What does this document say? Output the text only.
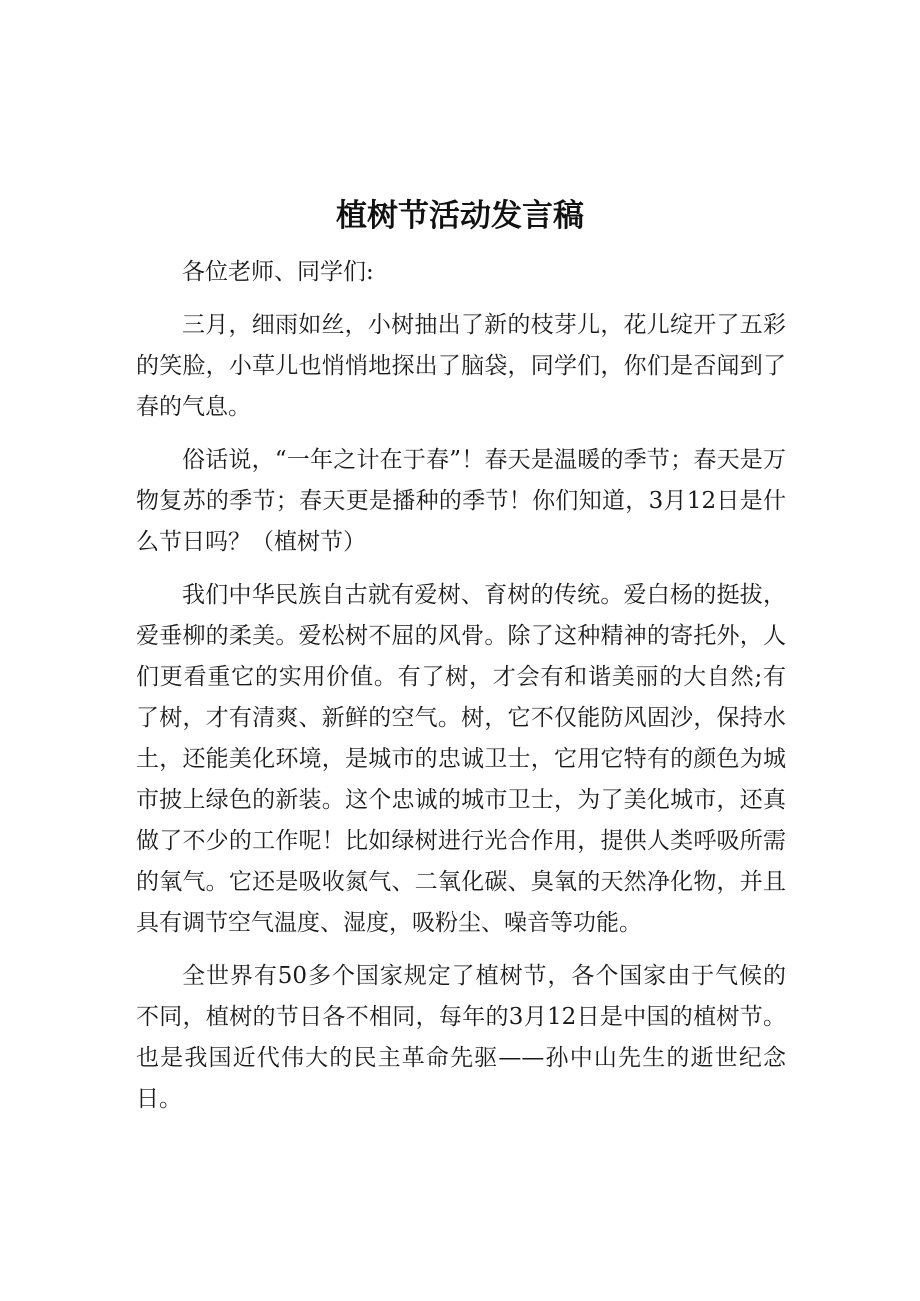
植树节活动发言稿

各位老师、同学们:

三月，细雨如丝，小树抽出了新的枝芽儿，花儿绽开了五彩的笑脸，小草儿也悄悄地探出了脑袋，同学们，你们是否闻到了春的气息。

俗话说，“一年之计在于春”！春天是温暖的季节；春天是万物复苏的季节；春天更是播种的季节！你们知道，3月12日是什么节日吗？（植树节）

我们中华民族自古就有爱树、育树的传统。爱白杨的挺拔，爱垂柳的柔美。爱松树不屈的风骨。除了这种精神的寄托外，人们更看重它的实用价值。有了树，才会有和谐美丽的大自然;有了树，才有清爽、新鲜的空气。树，它不仅能防风固沙，保持水土，还能美化环境，是城市的忠诚卫士，它用它特有的颜色为城市披上绿色的新装。这个忠诚的城市卫士，为了美化城市，还真做了不少的工作呢！比如绿树进行光合作用，提供人类呼吸所需的氧气。它还是吸收氮气、二氧化碳、臭氧的天然净化物，并且具有调节空气温度、湿度，吸粉尘、噪音等功能。

全世界有50多个国家规定了植树节，各个国家由于气候的不同，植树的节日各不相同，每年的3月12日是中国的植树节。也是我国近代伟大的民主革命先驱——孙中山先生的逝世纪念日。
